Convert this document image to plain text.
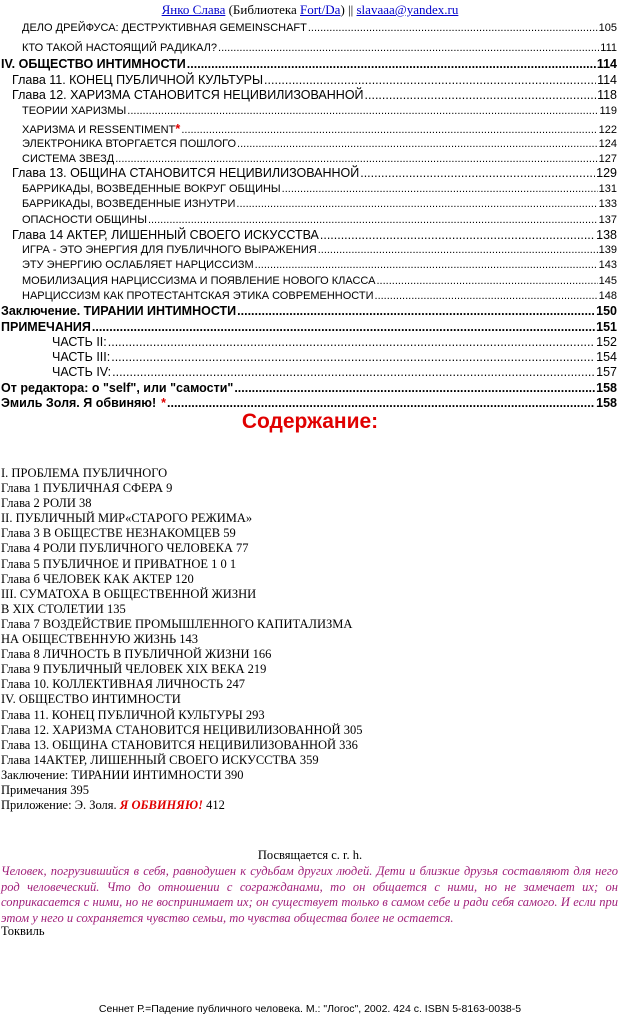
Янко Слава (Библиотека Fort/Da) || slavaaa@yandex.ru
ДЕЛО ДРЕЙФУСА: ДЕСТРУКТИВНАЯ GEMEINSCHAFT .....	105
КТО ТАКОЙ НАСТОЯЩИЙ РАДИКАЛ? .....	111
IV. ОБЩЕСТВО ИНТИМНОСТИ .....	114
Глава 11. КОНЕЦ ПУБЛИЧНОЙ КУЛЬТУРЫ .....	114
Глава 12. ХАРИЗМА СТАНОВИТСЯ НЕЦИВИЛИЗОВАННОЙ .....	118
ТЕОРИИ ХАРИЗМЫ .....	119
ХАРИЗМА И RESSENTIMENT * .....	122
ЭЛЕКТРОНИКА ВТОРГАЕТСЯ ПОШЛОГО .....	124
СИСТЕМА ЗВЕЗД .....	127
Глава 13. ОБЩИНА СТАНОВИТСЯ НЕЦИВИЛИЗОВАННОЙ .....	129
БАРРИКАДЫ, ВОЗВЕДЕННЫЕ ВОКРУГ ОБЩИНЫ .....	131
БАРРИКАДЫ, ВОЗВЕДЕННЫЕ ИЗНУТРИ .....	133
ОПАСНОСТИ ОБЩИНЫ .....	137
Глава 14 АКТЕР, ЛИШЕННЫЙ СВОЕГО ИСКУССТВА .....	138
ИГРА - ЭТО ЭНЕРГИЯ ДЛЯ ПУБЛИЧНОГО ВЫРАЖЕНИЯ .....	139
ЭТУ ЭНЕРГИЮ ОСЛАБЛЯЕТ НАРЦИССИЗМ .....	143
МОБИЛИЗАЦИЯ НАРЦИССИЗМА И ПОЯВЛЕНИЕ НОВОГО КЛАССА .....	145
НАРЦИССИЗМ КАК ПРОТЕСТАНТСКАЯ ЭТИКА СОВРЕМЕННОСТИ .....	148
Заключение. ТИРАНИИ ИНТИМНОСТИ .....	150
ПРИМЕЧАНИЯ .....	151
ЧАСТЬ II: .....	152
ЧАСТЬ III: .....	154
ЧАСТЬ IV: .....	157
От редактора: о "self", или "самости" .....	158
Эмиль Золя. Я обвиняю! * .....	158
Содержание:
I. ПРОБЛЕМА ПУБЛИЧНОГО
Глава 1 ПУБЛИЧНАЯ СФЕРА 9
Глава 2 РОЛИ 38
II. ПУБЛИЧНЫЙ МИР«СТАРОГО РЕЖИМА»
Глава 3 В ОБЩЕСТВЕ НЕЗНАКОМЦЕВ 59
Глава 4 РОЛИ ПУБЛИЧНОГО ЧЕЛОВЕКА 77
Глава 5 ПУБЛИЧНОЕ И ПРИВАТНОЕ 1 0 1
Глава б ЧЕЛОВЕК КАК АКТЕР 120
III. СУМАТОХА В ОБЩЕСТВЕННОЙ ЖИЗНИ
В XIX СТОЛЕТИИ 135
Глава 7 ВОЗДЕЙСТВИЕ ПРОМЫШЛЕННОГО КАПИТАЛИЗМА
НА ОБЩЕСТВЕННУЮ ЖИЗНЬ 143
Глава 8 ЛИЧНОСТЬ В ПУБЛИЧНОЙ ЖИЗНИ 166
Глава 9 ПУБЛИЧНЫЙ ЧЕЛОВЕК XIX ВЕКА 219
Глава 10. КОЛЛЕКТИВНАЯ ЛИЧНОСТЬ 247
IV. ОБЩЕСТВО ИНТИМНОСТИ
Глава 11. КОНЕЦ ПУБЛИЧНОЙ КУЛЬТУРЫ 293
Глава 12. ХАРИЗМА СТАНОВИТСЯ НЕЦИВИЛИЗОВАННОЙ 305
Глава 13. ОБЩИНА СТАНОВИТСЯ НЕЦИВИЛИЗОВАННОЙ 336
Глава 14АКТЕР, ЛИШЕННЫЙ СВОЕГО ИСКУССТВА 359
Заключение: ТИРАНИИ ИНТИМНОСТИ 390
Примечания 395
Приложение: Э. Золя. Я ОБВИНЯЮ! 412
Посвящается с. r. h.
Человек, погрузившийся в себя, равнодушен к судьбам других людей. Дети и близкие друзья составляют для него род человеческий. Что до отношении с согражданами, то он общается с ними, но не замечает их; он соприкасается с ними, но не воспринимает их; он существует только в самом себе и ради себя самого. И если при этом у него и сохраняется чувство семьи, то чувства общества более не остается.
Токвиль
Сеннет Р.=Падение публичного человека. М.: "Логос", 2002. 424 с. ISBN 5-8163-0038-5
